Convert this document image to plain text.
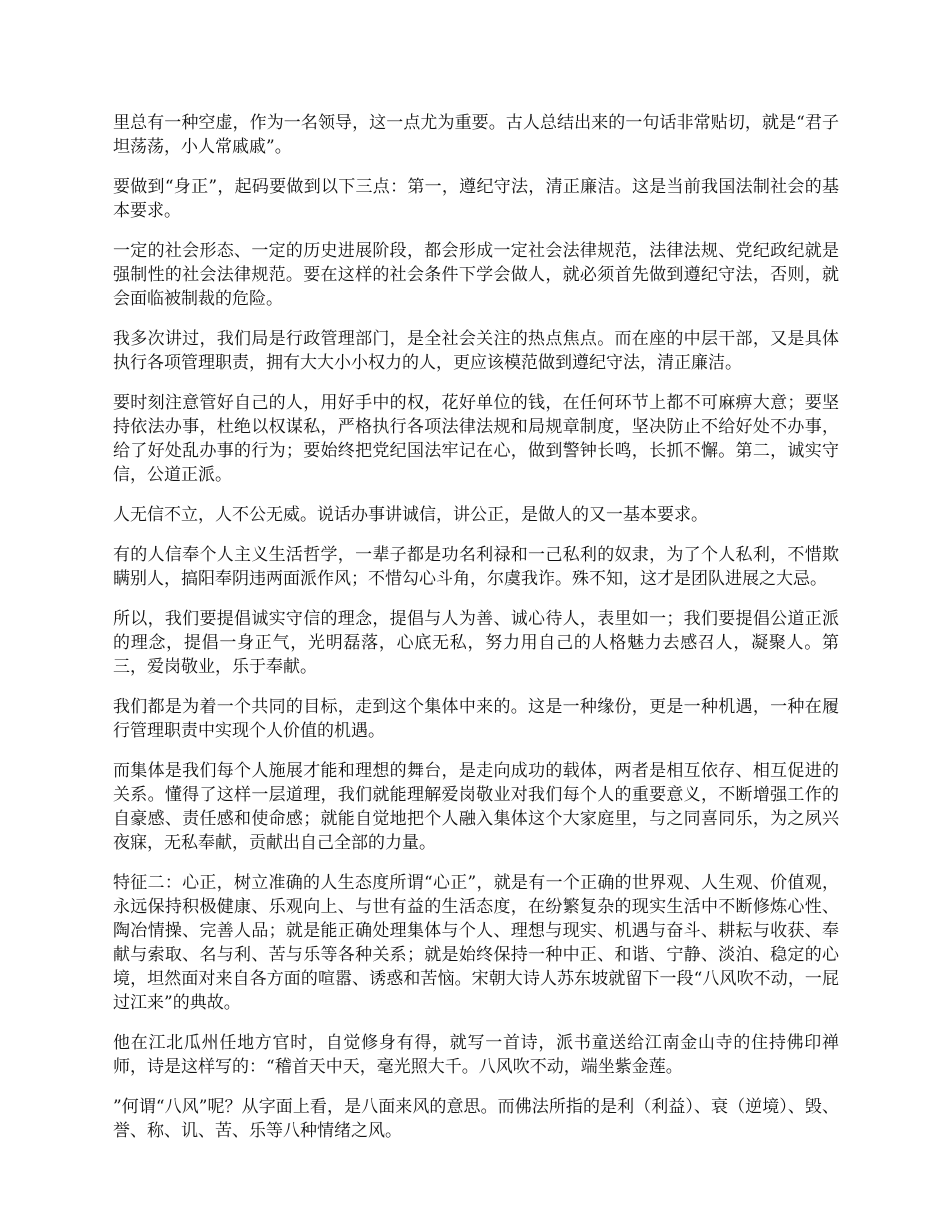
里总有一种空虚，作为一名领导，这一点尤为重要。古人总结出来的一句话非常贴切，就是“君子坦荡荡，小人常戚戚”。

要做到“身正”，起码要做到以下三点：第一，遵纪守法，清正廉洁。这是当前我国法制社会的基本要求。

一定的社会形态、一定的历史进展阶段，都会形成一定社会法律规范，法律法规、党纪政纪就是强制性的社会法律规范。要在这样的社会条件下学会做人，就必须首先做到遵纪守法，否则，就会面临被制裁的危险。

我多次讲过，我们局是行政管理部门，是全社会关注的热点焦点。而在座的中层干部，又是具体执行各项管理职责，拥有大大小小权力的人，更应该模范做到遵纪守法，清正廉洁。

要时刻注意管好自己的人，用好手中的权，花好单位的钱，在任何环节上都不可麻痹大意；要坚持依法办事，杜绝以权谋私，严格执行各项法律法规和局规章制度，坚决防止不给好处不办事，给了好处乱办事的行为；要始终把党纪国法牢记在心，做到警钟长鸣，长抓不懈。第二，诚实守信，公道正派。

人无信不立，人不公无威。说话办事讲诚信，讲公正，是做人的又一基本要求。

有的人信奉个人主义生活哲学，一辈子都是功名利禄和一己私利的奴隶，为了个人私利，不惜欺瞒别人，搞阳奉阴违两面派作风；不惜勾心斗角，尔虞我诈。殊不知，这才是团队进展之大忌。

所以，我们要提倡诚实守信的理念，提倡与人为善、诚心待人，表里如一；我们要提倡公道正派的理念，提倡一身正气，光明磊落，心底无私，努力用自己的人格魅力去感召人，凝聚人。第三，爱岗敬业，乐于奉献。

我们都是为着一个共同的目标，走到这个集体中来的。这是一种缘份，更是一种机遇，一种在履行管理职责中实现个人价值的机遇。

而集体是我们每个人施展才能和理想的舞台，是走向成功的载体，两者是相互依存、相互促进的关系。懂得了这样一层道理，我们就能理解爱岗敬业对我们每个人的重要意义，不断增强工作的自豪感、责任感和使命感；就能自觉地把个人融入集体这个大家庭里，与之同喜同乐，为之夙兴夜寐，无私奉献，贡献出自己全部的力量。

特征二：心正，树立准确的人生态度所谓“心正”，就是有一个正确的世界观、人生观、价值观，永远保持积极健康、乐观向上、与世有益的生活态度，在纷繁复杂的现实生活中不断修炼心性、陶冶情操、完善人品；就是能正确处理集体与个人、理想与现实、机遇与奋斗、耕耘与收获、奉献与索取、名与利、苦与乐等各种关系；就是始终保持一种中正、和谐、宁静、淡泊、稳定的心境，坦然面对来自各方面的喧嚣、诱惑和苦恼。宋朝大诗人苏东坡就留下一段“八风吹不动，一屁过江来”的典故。

他在江北瓜州任地方官时，自觉修身有得，就写一首诗，派书童送给江南金山寺的住持佛印禅师，诗是这样写的：“稽首天中天，毫光照大千。八风吹不动，端坐紫金莲。

”何谓“八风”呢？从字面上看，是八面来风的意思。而佛法所指的是利（利益）、衰（逆境）、毁、誉、称、讥、苦、乐等八种情绪之风。
